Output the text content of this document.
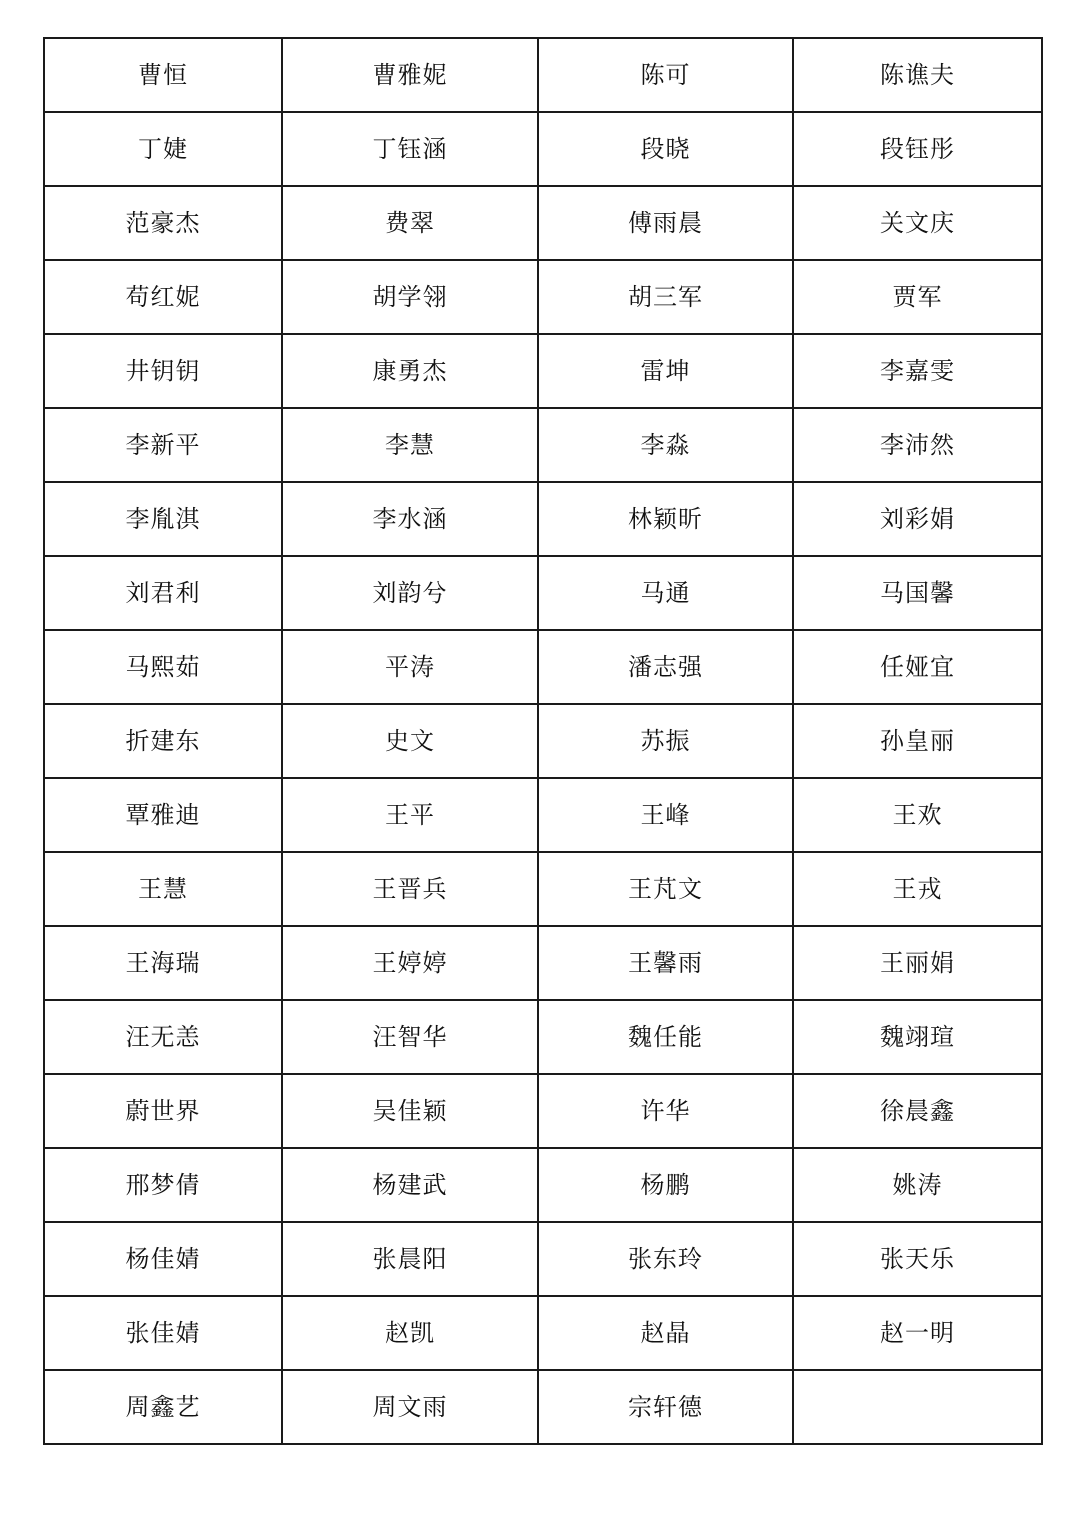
曹恒	曹雅妮	陈可	陈谯夫
丁婕	丁钰涵	段晓	段钰彤
范豪杰	费翠	傅雨晨	关文庆
苟红妮	胡学翎	胡三军	贾军
井钥钥	康勇杰	雷坤	李嘉雯
李新平	李慧	李淼	李沛然
李胤淇	李水涵	林颖昕	刘彩娟
刘君利	刘韵兮	马通	马国馨
马熙茹	平涛	潘志强	任娅宜
折建东	史文	苏振	孙皇丽
覃雅迪	王平	王峰	王欢
王慧	王晋兵	王芃文	王戎
王海瑞	王婷婷	王馨雨	王丽娟
汪无恙	汪智华	魏任能	魏翊瑄
蔚世界	吴佳颖	许华	徐晨鑫
邢梦倩	杨建武	杨鹏	姚涛
杨佳婧	张晨阳	张东玲	张天乐
张佳婧	赵凯	赵晶	赵一明
周鑫艺	周文雨	宗轩德	
